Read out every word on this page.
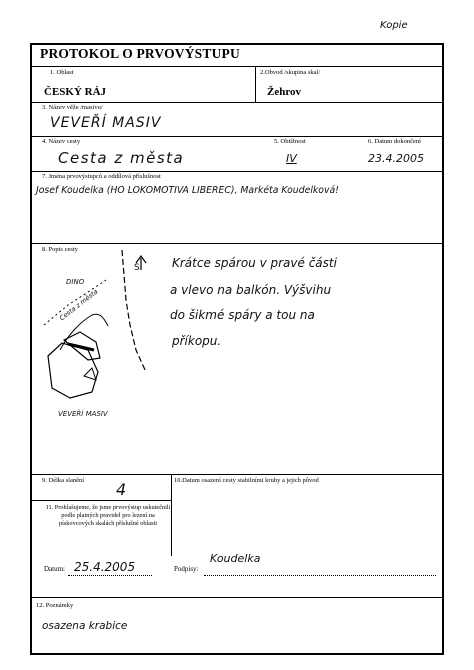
Kopie
PROTOKOL O PRVOVÝSTUPU
1. Oblast
ČESKÝ RÁJ
2.Obvod /skupina skal/
Žehrov
3. Název věže /masivu/
VEVEŘÍ MASIV
4. Název cesty
Cesta z města
5. Obtížnost
IV
6. Datum dokončení
23.4.2005
7. Jména prvovýstupců a oddílová příslušnost
Josef Koudelka (HO LOKOMOTIVA LIBEREC), Markéta Koudelková!
8. Popis cesty
Krátce spárou v pravé části
a vlevo na balkón. Výšvihu
do šikmé spáry a tou na
příkopu.
DINO
S
Cesta z města
VEVEŘÍ MASIV
9. Délka slanění 4	10.Datum osazení cesty stabilními kruhy a jejich původ
11. Prohlašujeme, že jsme prvovýstup uskutečnili podle platných pravidel pro lezení na pískovcových skalách příslušné oblasti
Datum: 25.4.2005	Podpisy:
Koudelka
12. Poznámky
osazena krabice
